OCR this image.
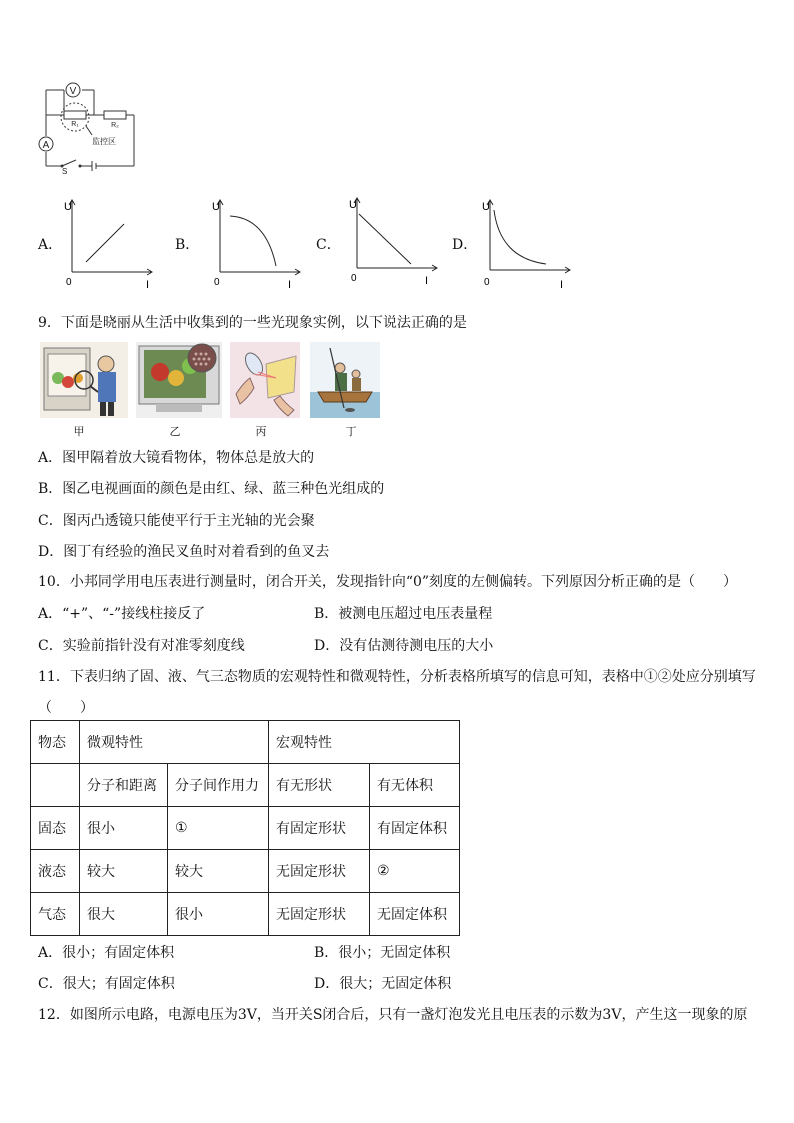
V
A
R₁	R₂
S
监控区
A．
U
I
0
B．
U
I
0
C．
U
I
0
D．
U
I
0
9．下面是晓丽从生活中收集到的一些光现象实例，以下说法正确的是
甲	乙	丙	丁
A．图甲隔着放大镜看物体，物体总是放大的
B．图乙电视画面的颜色是由红、绿、蓝三种色光组成的
C．图丙凸透镜只能使平行于主光轴的光会聚
D．图丁有经验的渔民叉鱼时对着看到的鱼叉去
10．小邦同学用电压表进行测量时，闭合开关，发现指针向“0”刻度的左侧偏转。下列原因分析正确的是（　　）
A．“+”、“-”接线柱接反了	B．被测电压超过电压表量程
C．实验前指针没有对准零刻度线	D．没有估测待测电压的大小
11．下表归纳了固、液、气三态物质的宏观特性和微观特性，分析表格所填写的信息可知，表格中①②处应分别填写
（　　）
物态	微观特性		宏观特性	
	分子和距离	分子间作用力	有无形状	有无体积
固态	很小	①	有固定形状	有固定体积
液态	较大	较大	无固定形状	②
气态	很大	很小	无固定形状	无固定体积
A．很小；有固定体积	B．很小；无固定体积
C．很大；有固定体积	D．很大；无固定体积
12．如图所示电路，电源电压为3V，当开关S闭合后，只有一盏灯泡发光且电压表的示数为3V，产生这一现象的原
